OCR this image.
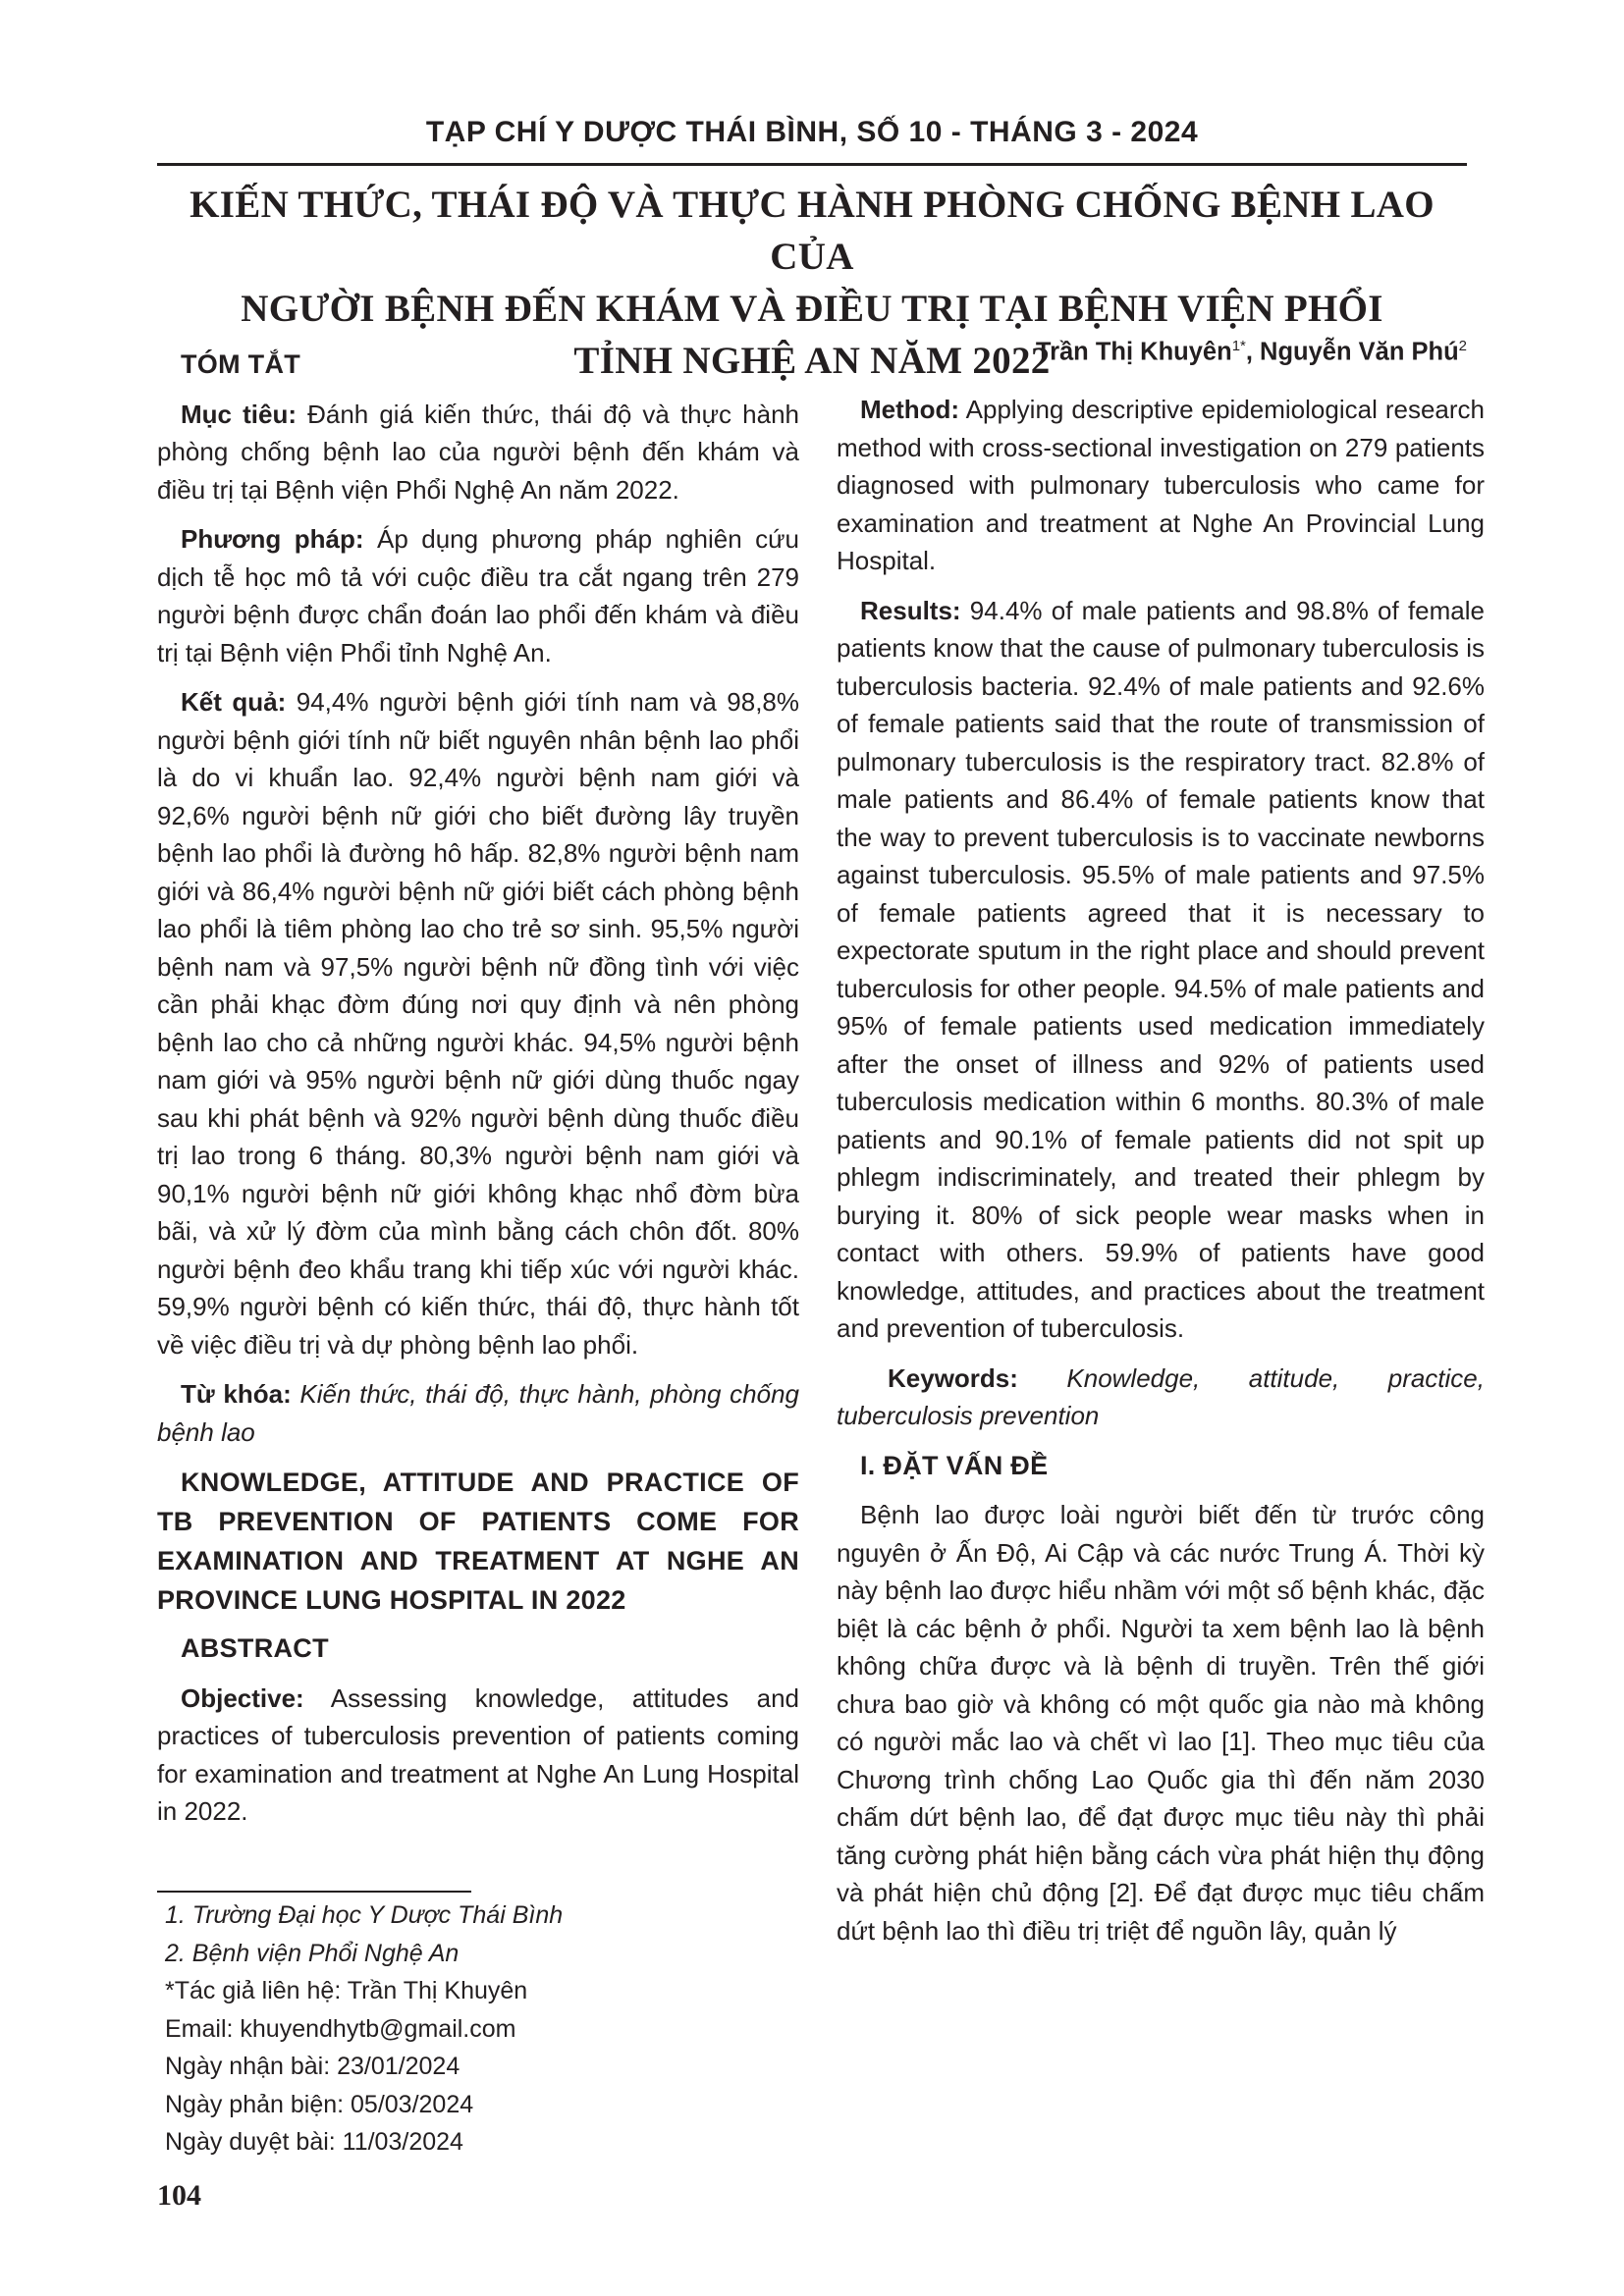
TẠP CHÍ Y DƯỢC THÁI BÌNH, SỐ 10 - THÁNG 3 - 2024
KIẾN THỨC, THÁI ĐỘ VÀ THỰC HÀNH PHÒNG CHỐNG BỆNH LAO CỦA
NGƯỜI BỆNH ĐẾN KHÁM VÀ ĐIỀU TRỊ TẠI BỆNH VIỆN PHỔI
TỈNH NGHỆ AN NĂM 2022
Trần Thị Khuyên$^{1*}$, Nguyễn Văn Phú$^2$
TÓM TẮT

Mục tiêu: Đánh giá kiến thức, thái độ và thực hành phòng chống bệnh lao của người bệnh đến khám và điều trị tại Bệnh viện Phổi Nghệ An năm 2022.

Phương pháp: Áp dụng phương pháp nghiên cứu dịch tễ học mô tả với cuộc điều tra cắt ngang trên 279 người bệnh được chẩn đoán lao phổi đến khám và điều trị tại Bệnh viện Phổi tỉnh Nghệ An.

Kết quả: 94,4% người bệnh giới tính nam và 98,8% người bệnh giới tính nữ biết nguyên nhân bệnh lao phổi là do vi khuẩn lao. 92,4% người bệnh nam giới và 92,6% người bệnh nữ giới cho biết đường lây truyền bệnh lao phổi là đường hô hấp. 82,8% người bệnh nam giới và 86,4% người bệnh nữ giới biết cách phòng bệnh lao phổi là tiêm phòng lao cho trẻ sơ sinh. 95,5% người bệnh nam và 97,5% người bệnh nữ đồng tình với việc cần phải khạc đờm đúng nơi quy định và nên phòng bệnh lao cho cả những người khác. 94,5% người bệnh nam giới và 95% người bệnh nữ giới dùng thuốc ngay sau khi phát bệnh và 92% người bệnh dùng thuốc điều trị lao trong 6 tháng. 80,3% người bệnh nam giới và 90,1% người bệnh nữ giới không khạc nhổ đờm bừa bãi, và xử lý đờm của mình bằng cách chôn đốt. 80% người bệnh đeo khẩu trang khi tiếp xúc với người khác. 59,9% người bệnh có kiến thức, thái độ, thực hành tốt về việc điều trị và dự phòng bệnh lao phổi.

Từ khóa: Kiến thức, thái độ, thực hành, phòng chống bệnh lao

KNOWLEDGE, ATTITUDE AND PRACTICE OF TB PREVENTION OF PATIENTS COME FOR EXAMINATION AND TREATMENT AT NGHE AN PROVINCE LUNG HOSPITAL IN 2022
ABSTRACT

Objective: Assessing knowledge, attitudes and practices of tuberculosis prevention of patients coming for examination and treatment at Nghe An Lung Hospital in 2022.

1. Trường Đại học Y Dược Thái Bình
2. Bệnh viện Phổi Nghệ An
*Tác giả liên hệ: Trần Thị Khuyên
Email: khuyendhytb@gmail.com
Ngày nhận bài: 23/01/2024
Ngày phản biện: 05/03/2024
Ngày duyệt bài: 11/03/2024

Method: Applying descriptive epidemiological research method with cross-sectional investigation on 279 patients diagnosed with pulmonary tuberculosis who came for examination and treatment at Nghe An Provincial Lung Hospital.

Results: 94.4% of male patients and 98.8% of female patients know that the cause of pulmonary tuberculosis is tuberculosis bacteria. 92.4% of male patients and 92.6% of female patients said that the route of transmission of pulmonary tuberculosis is the respiratory tract. 82.8% of male patients and 86.4% of female patients know that the way to prevent tuberculosis is to vaccinate newborns against tuberculosis. 95.5% of male patients and 97.5% of female patients agreed that it is necessary to expectorate sputum in the right place and should prevent tuberculosis for other people. 94.5% of male patients and 95% of female patients used medication immediately after the onset of illness and 92% of patients used tuberculosis medication within 6 months. 80.3% of male patients and 90.1% of female patients did not spit up phlegm indiscriminately, and treated their phlegm by burying it. 80% of sick people wear masks when in contact with others. 59.9% of patients have good knowledge, attitudes, and practices about the treatment and prevention of tuberculosis.

Keywords: Knowledge, attitude, practice, tuberculosis prevention

I. ĐẶT VẤN ĐỀ

Bệnh lao được loài người biết đến từ trước công nguyên ở Ấn Độ, Ai Cập và các nước Trung Á. Thời kỳ này bệnh lao được hiểu nhầm với một số bệnh khác, đặc biệt là các bệnh ở phổi. Người ta xem bệnh lao là bệnh không chữa được và là bệnh di truyền. Trên thế giới chưa bao giờ và không có một quốc gia nào mà không có người mắc lao và chết vì lao [1]. Theo mục tiêu của Chương trình chống Lao Quốc gia thì đến năm 2030 chấm dứt bệnh lao, để đạt được mục tiêu này thì phải tăng cường phát hiện bằng cách vừa phát hiện thụ động và phát hiện chủ động [2]. Để đạt được mục tiêu chấm dứt bệnh lao thì điều trị triệt để nguồn lây, quản lý

104
